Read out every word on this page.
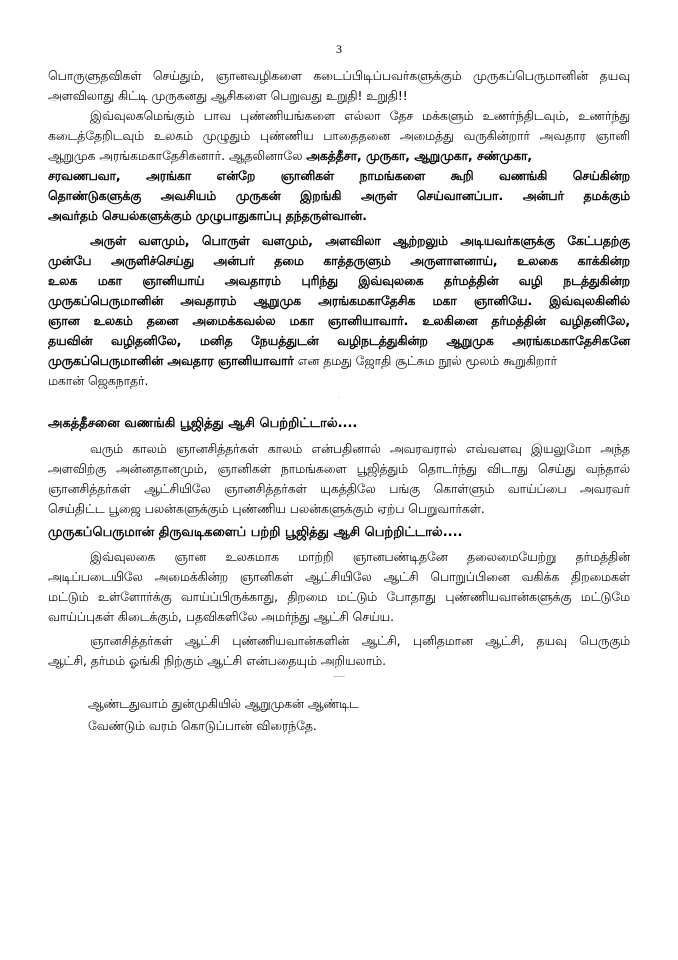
3
பொருளுதவிகள் செய்தும், ஞானவழிகளை கடைப்பிடிப்பவர்களுக்கும் முருகப்பெருமானின் தயவு
அளவிலாது கிட்டி முருகனது ஆசிகளை பெறுவது உறுதி! உறுதி!!
இவ்வுலகமெங்கும் பாவ புண்ணியங்களை எல்லா தேச மக்களும் உணர்ந்திடவும், உணர்ந்து
கடைத்தேறிடவும் உலகம் முழுதும் புண்ணிய பாதைதனை அமைத்து வருகின்றார் அவதார ஞானி
ஆறுமுக அரங்கமகாதேசிகனார். ஆதலினாலே அகத்தீசா, முருகா, ஆறுமுகா, சண்முகா,
சரவணபவா, அரங்கா என்றே ஞானிகள் நாமங்களை கூறி வணங்கி செய்கின்ற
தொண்டுகளுக்கு அவசியம் முருகன் இறங்கி அருள் செய்வானப்பா. அன்பர் தமக்கும்
அவர்தம் செயல்களுக்கும் முழுபாதுகாப்பு தந்தருள்வான்.
அருள் வளமும், பொருள் வளமும், அளவிலா ஆற்றலும் அடியவர்களுக்கு கேட்பதற்கு
முன்பே அருளிச்செய்து அன்பர் தமை காத்தருளும் அருளாளனாய், உலகை காக்கின்ற
உலக மகா ஞானியாய் அவதாரம் புரிந்து இவ்வுலகை தர்மத்தின் வழி நடத்துகின்ற
முருகப்பெருமானின் அவதாரம் ஆறுமுக அரங்கமகாதேசிக மகா ஞானியே. இவ்வுலகினில்
ஞான உலகம் தனை அமைக்கவல்ல மகா ஞானியாவார். உலகினை தர்மத்தின் வழிதனிலே,
தயவின் வழிதனிலே, மனித நேயத்துடன் வழிநடத்துகின்ற ஆறுமுக அரங்கமகாதேசிகனே
முருகப்பெருமானின் அவதார ஞானியாவார் என தமது ஜோதி சூட்சும நூல் மூலம் கூறுகிறார்
மகான் ஜெகநாதர்.
–சுபம்–
அகத்தீசனை வணங்கி பூஜித்து ஆசி பெற்றிட்டால்....
வரும் காலம் ஞானசித்தர்கள் காலம் என்பதினால் அவரவரால் எவ்வளவு இயலுமோ அந்த
அளவிற்கு அன்னதானமும், ஞானிகள் நாமங்களை பூஜித்தும் தொடர்ந்து விடாது செய்து வந்தால்
ஞானசித்தர்கள் ஆட்சியிலே ஞானசித்தர்கள் யுகத்திலே பங்கு கொள்ளும் வாய்ப்பை அவரவர்
செய்திட்ட பூஜை பலன்களுக்கும் புண்ணிய பலன்களுக்கும் ஏற்ப பெறுவார்கள்.
முருகப்பெருமான் திருவடிகளைப் பற்றி பூஜித்து ஆசி பெற்றிட்டால்....
இவ்வுலகை ஞான உலகமாக மாற்றி ஞானபண்டிதனே தலைமையேற்று தர்மத்தின்
அடிப்படையிலே அமைக்கின்ற ஞானிகள் ஆட்சியிலே ஆட்சி பொறுப்பினை வகிக்க திறமைகள்
மட்டும் உள்ளோர்க்கு வாய்ப்பிருக்காது, திறமை மட்டும் போதாது புண்ணியவான்களுக்கு மட்டுமே
வாய்ப்புகள் கிடைக்கும், பதவிகளிலே அமர்ந்து ஆட்சி செய்ய.
ஞானசித்தர்கள் ஆட்சி புண்ணியவான்களின் ஆட்சி, புனிதமான ஆட்சி, தயவு பெருகும்
ஆட்சி, தர்மம் ஓங்கி நிற்கும் ஆட்சி என்பதையும் அறியலாம்.
……………
ஆண்டதுவாம் துன்முகியில் ஆறுமுகன் ஆண்டிட
வேண்டும் வரம் கொடுப்பான் விரைந்தே.
